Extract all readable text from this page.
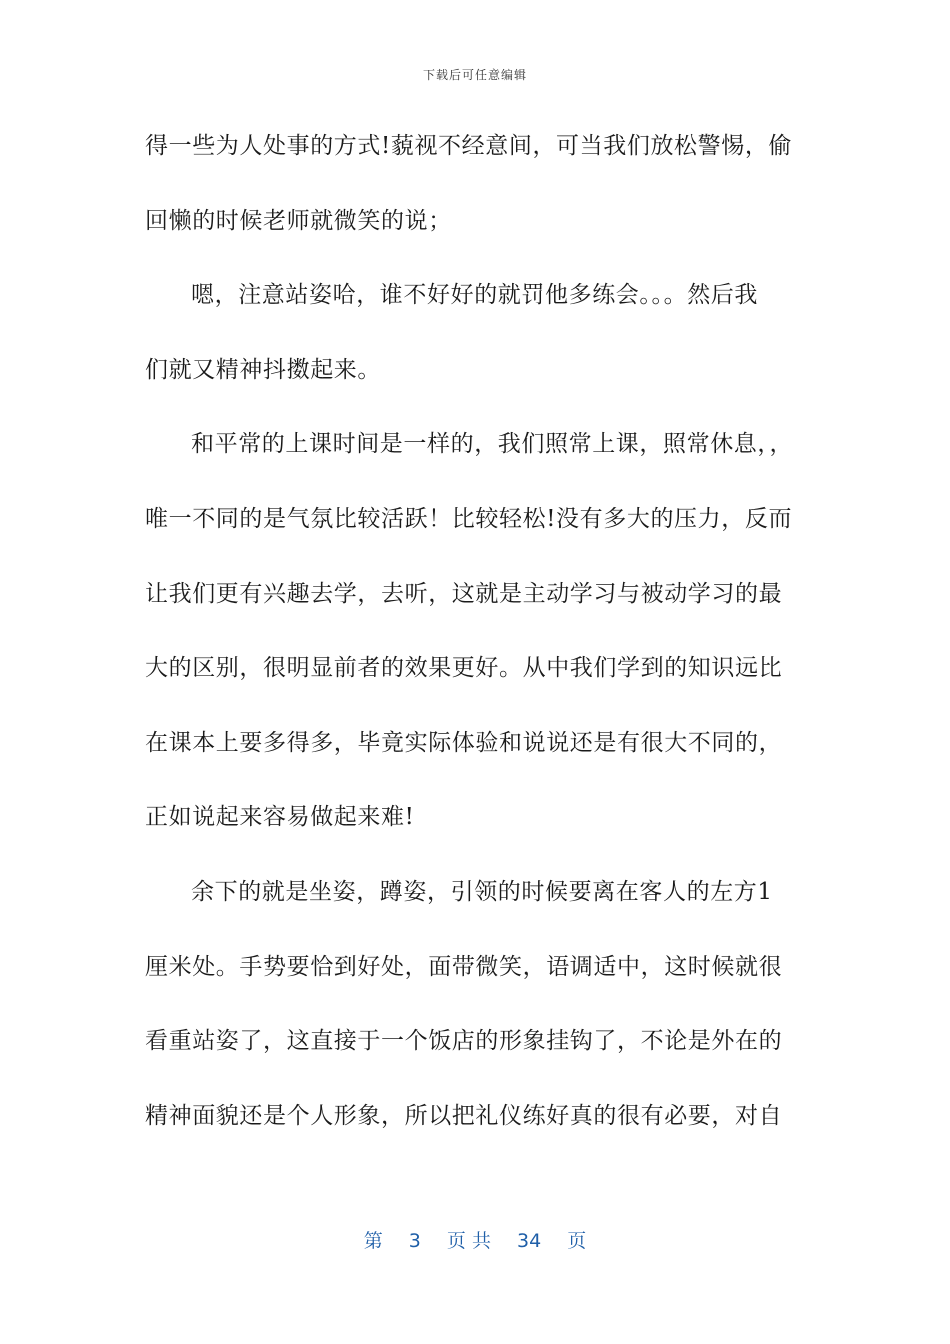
下载后可任意编辑
得一些为人处事的方式!藐视不经意间，可当我们放松警惕，偷
回懒的时候老师就微笑的说；
嗯，注意站姿哈，谁不好好的就罚他多练会。。。然后我
们就又精神抖擞起来。
和平常的上课时间是一样的，我们照常上课，照常休息，，
唯一不同的是气氛比较活跃！比较轻松!没有多大的压力，反而
让我们更有兴趣去学，去听，这就是主动学习与被动学习的最
大的区别，很明显前者的效果更好。从中我们学到的知识远比
在课本上要多得多，毕竟实际体验和说说还是有很大不同的，
正如说起来容易做起来难!
余下的就是坐姿，蹲姿，引领的时候要离在客人的左方1
厘米处。手势要恰到好处，面带微笑，语调适中，这时候就很
看重站姿了，这直接于一个饭店的形象挂钩了，不论是外在的
精神面貌还是个人形象，所以把礼仪练好真的很有必要，对自
第 3 页 共 34 页
